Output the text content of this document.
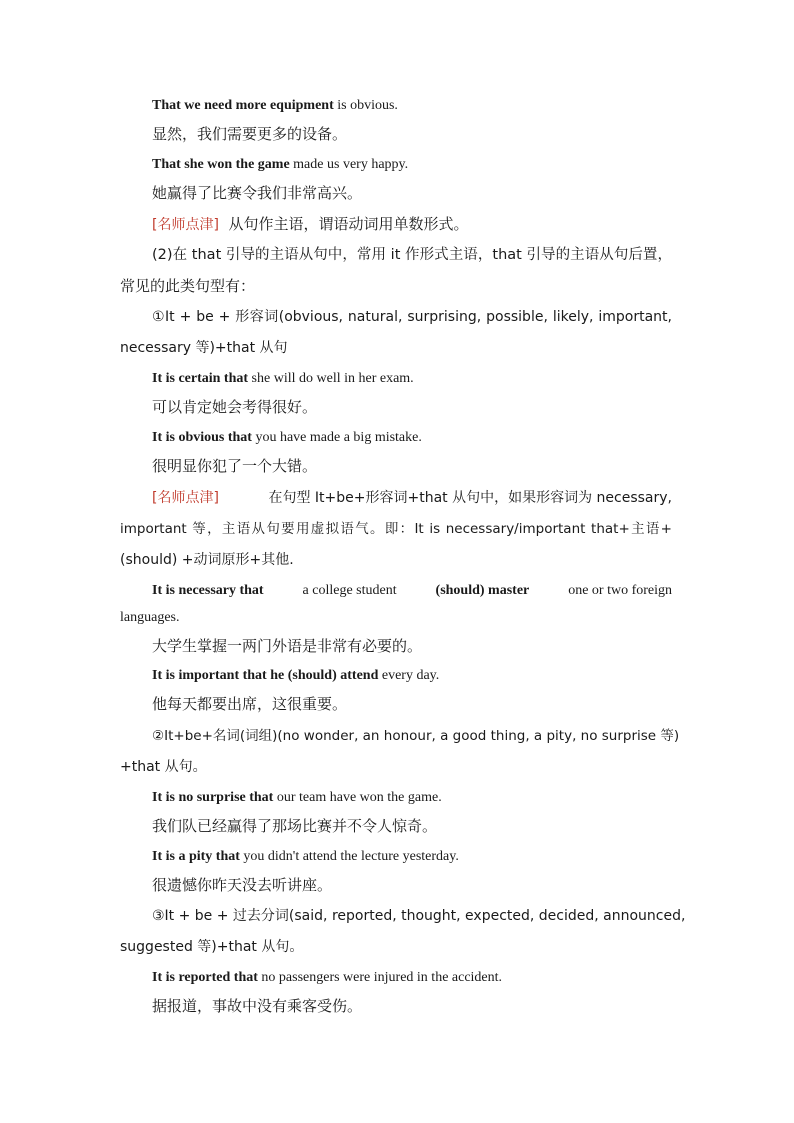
That we need more equipment is obvious.
显然，我们需要更多的设备。
That she won the game made us very happy.
她赢得了比赛令我们非常高兴。
[名师点津] 从句作主语，谓语动词用单数形式。
(2)在 that 引导的主语从句中，常用 it 作形式主语，that 引导的主语从句后置，
常见的此类句型有：
①It + be + 形容词(obvious, natural, surprising, possible, likely, important,
necessary 等)+that 从句
It is certain that she will do well in her exam.
可以肯定她会考得很好。
It is obvious that you have made a big mistake.
很明显你犯了一个大错。
[名师点津]	在句型 It+be+形容词+that 从句中，如果形容词为 necessary,
important 等，主语从句要用虚拟语气。即：It is necessary/important that+主语+
(should) +动词原形+其他.
It is necessary that	a college student	(should) master	one or two foreign
languages.
大学生掌握一两门外语是非常有必要的。
It is important that he (should) attend every day.
他每天都要出席，这很重要。
②It+be+名词(词组)(no wonder, an honour, a good thing, a pity, no surprise 等)
+that 从句。
It is no surprise that our team have won the game.
我们队已经赢得了那场比赛并不令人惊奇。
It is a pity that you didn't attend the lecture yesterday.
很遗憾你昨天没去听讲座。
③It + be + 过去分词(said, reported, thought, expected, decided, announced,
suggested 等)+that 从句。
It is reported that no passengers were injured in the accident.
据报道，事故中没有乘客受伤。
